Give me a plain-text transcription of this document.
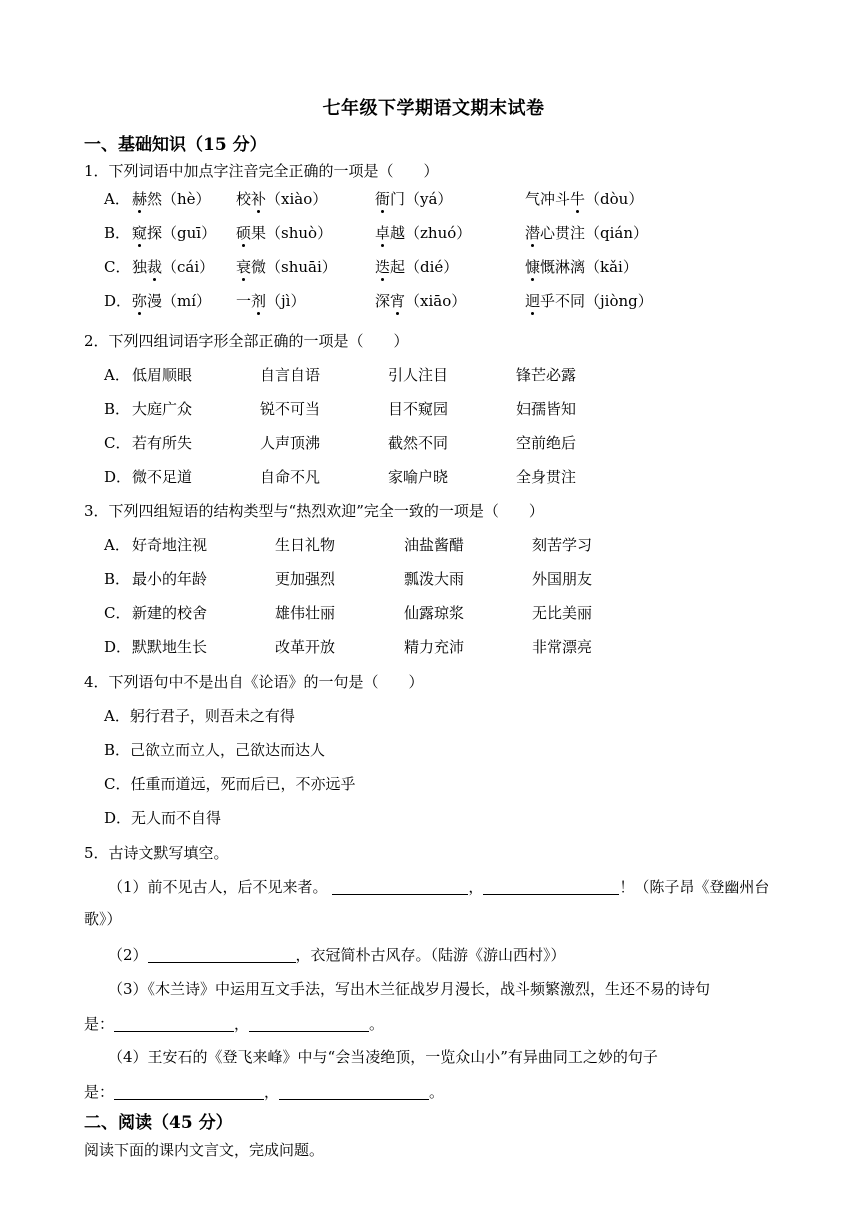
七年级下学期语文期末试卷
一、基础知识（15 分）
1．下列词语中加点字注音完全正确的一项是（　　）
A． 赫然（hè） 校补（xiào）	衙门（yá）	气冲斗牛（dòu）
B． 窥探（guī） 硕果（shuò）	卓越（zhuó）	潜心贯注（qián）
C． 独裁（cái） 衰微（shuāi）	迭起（dié）	慷慨淋漓（kǎi）
D． 弥漫（mí） 一剂（jì）	深宵（xiāo）	迥乎不同（jiòng）
2．下列四组词语字形全部正确的一项是（　　）
A． 低眉顺眼	自言自语	引人注目	锋芒必露
B． 大庭广众	锐不可当	目不窥园	妇孺皆知
C． 若有所失	人声顶沸	截然不同	空前绝后
D． 微不足道	自命不凡	家喻户晓	全身贯注
3．下列四组短语的结构类型与“热烈欢迎”完全一致的一项是（　　）
A． 好奇地注视	生日礼物	油盐酱醋	刻苦学习
B． 最小的年龄	更加强烈	瓢泼大雨	外国朋友
C． 新建的校舍	雄伟壮丽	仙露琼浆	无比美丽
D． 默默地生长	改革开放	精力充沛	非常漂亮
4．下列语句中不是出自《论语》的一句是（　　）
A．躬行君子，则吾未之有得
B．己欲立而立人，己欲达而达人
C．任重而道远，死而后已，不亦远乎
D．无人而不自得
5．古诗文默写填空。
（1）前不见古人，后不见来者。	，	！（陈子昂《登幽州台
歌》）
（2）	，衣冠简朴古风存。（陆游《游山西村》）
（3）《木兰诗》中运用互文手法，写出木兰征战岁月漫长，战斗频繁激烈，生还不易的诗句
是：	，	。
（4）王安石的《登飞来峰》中与“会当凌绝顶，一览众山小”有异曲同工之妙的句子
是：	，	。
二、阅读（45 分）
阅读下面的课内文言文，完成问题。
